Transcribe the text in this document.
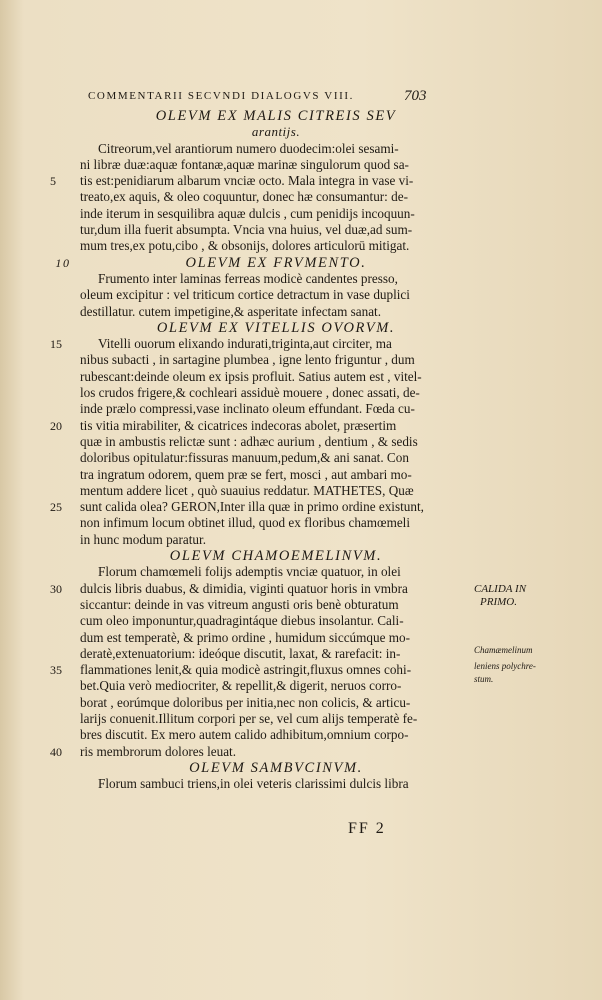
COMMENTARII SECVNDI DIALOGVS VIII.	703
OLEVM EX MALIS CITREIS SEV
arantijs.
Citreorum,vel arantiorum numero duodecim:olei sesami-
ni libræ duæ:aquæ fontanæ,aquæ marinæ singulorum quod sa-
5	tis est:penidiarum albarum vnciæ octo. Mala integra in vase vi-
treato,ex aquis, & oleo coquuntur, donec hæ consumantur: de-
inde iterum in sesquilibra aquæ dulcis , cum penidijs incoquun-
tur,dum illa fuerit absumpta. Vncia vna huius, vel duæ,ad sum-
mum tres,ex potu,cibo , & obsonijs, dolores articulorū mitigat.
10	OLEVM EX FRVMENTO.
Frumento inter laminas ferreas modicè candentes presso,
oleum excipitur : vel triticum cortice detractum in vase duplici
destillatur. cutem impetigine,& asperitate infectam sanat.
OLEVM EX VITELLIS OVORVM.
15	Vitelli ouorum elixando indurati,triginta,aut circiter, ma
nibus subacti , in sartagine plumbea , igne lento friguntur , dum
rubescant:deinde oleum ex ipsis profluit. Satius autem est , vitel-
los crudos frigere,& cochleari assiduè mouere , donec assati, de-
inde prælo compressi,vase inclinato oleum effundant. Fœda cu-
20	tis vitia mirabiliter, & cicatrices indecoras abolet, præsertim
quæ in ambustis relictæ sunt : adhæc aurium , dentium , & sedis
doloribus opitulatur:fissuras manuum,pedum,& ani sanat. Con
tra ingratum odorem, quem præ se fert, mosci , aut ambari mo-
mentum addere licet , quò suauius reddatur. MATHETES, Quæ
25	sunt calida olea? GERON,Inter illa quæ in primo ordine existunt,
non infimum locum obtinet illud, quod ex floribus chamœmeli
in hunc modum paratur.
OLEVM CHAMOEMELINVM.
Florum chamœmeli folijs ademptis vnciæ quatuor, in olei
30	dulcis libris duabus, & dimidia, viginti quatuor horis in vmbra
siccantur: deinde in vas vitreum angusti oris benè obturatum
cum oleo imponuntur,quadragintáque diebus insolantur. Cali-
dum est temperatè, & primo ordine , humidum siccúmque mo-
deratè,extenuatorium: ideóque discutit, laxat, & rarefacit: in-
35	flammationes lenit,& quia modicè astringit,fluxus omnes cohi-
bet.Quia verò mediocriter, & repellit,& digerit, neruos corro-
borat , eorúmque doloribus per initia,nec non colicis, & articu-
larijs conuenit.Illitum corpori per se, vel cum alijs temperatè fe-
bres discutit. Ex mero autem calido adhibitum,omnium corpo-
40	ris membrorum dolores leuat.
OLEVM SAMBVCINVM.
Florum sambuci triens,in olei veteris clarissimi dulcis libra
CALIDA IN
PRIMO.
Chamæmelinum
leniens polychre-
stum.
FF 2
